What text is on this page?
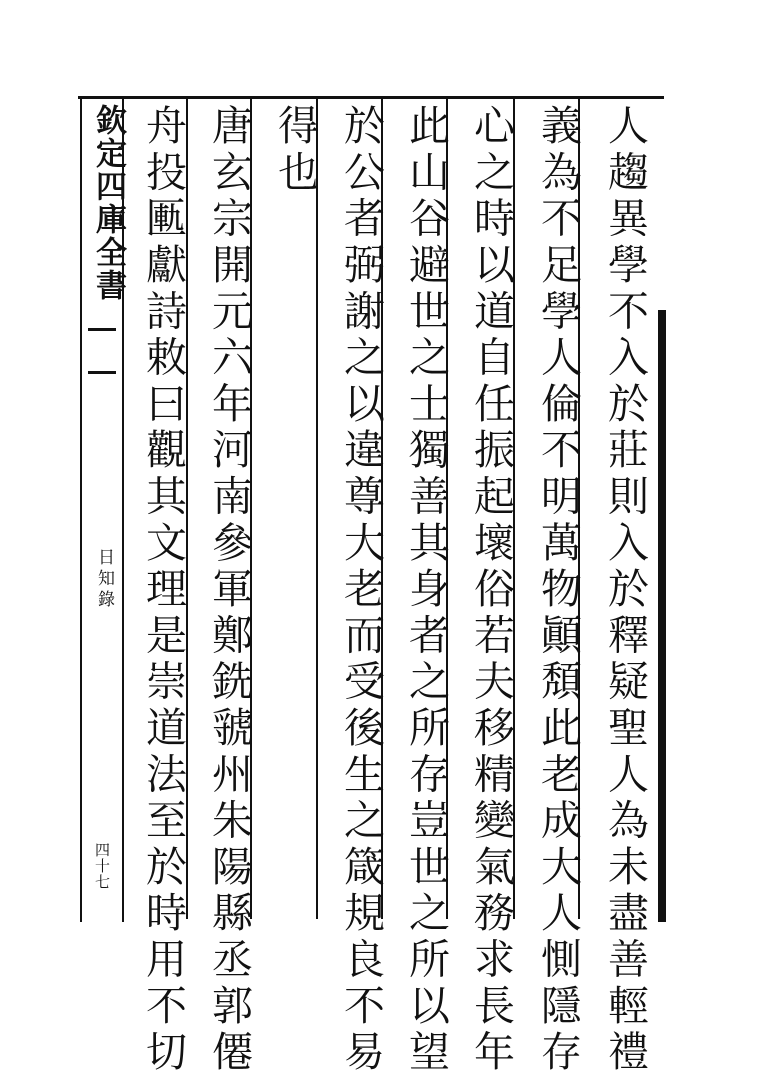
欽定四庫全書
日知錄
四十七	人趨異學不入於莊則入於釋疑聖人為未盡善輕禮
義為不足學人倫不明萬物顚頽此老成大人惻隱存
心之時以道自任振起壞俗若夫移精變氣務求長年
此山谷避世之士獨善其身者之所存豈世之所以望
於公者弼謝之以違尊大老而受後生之箴規良不易
得也
唐玄宗開元六年河南參軍鄭銑虢州朱陽縣丞郭僊
舟投匭獻詩敕曰觀其文理是崇道法至於時用不切
